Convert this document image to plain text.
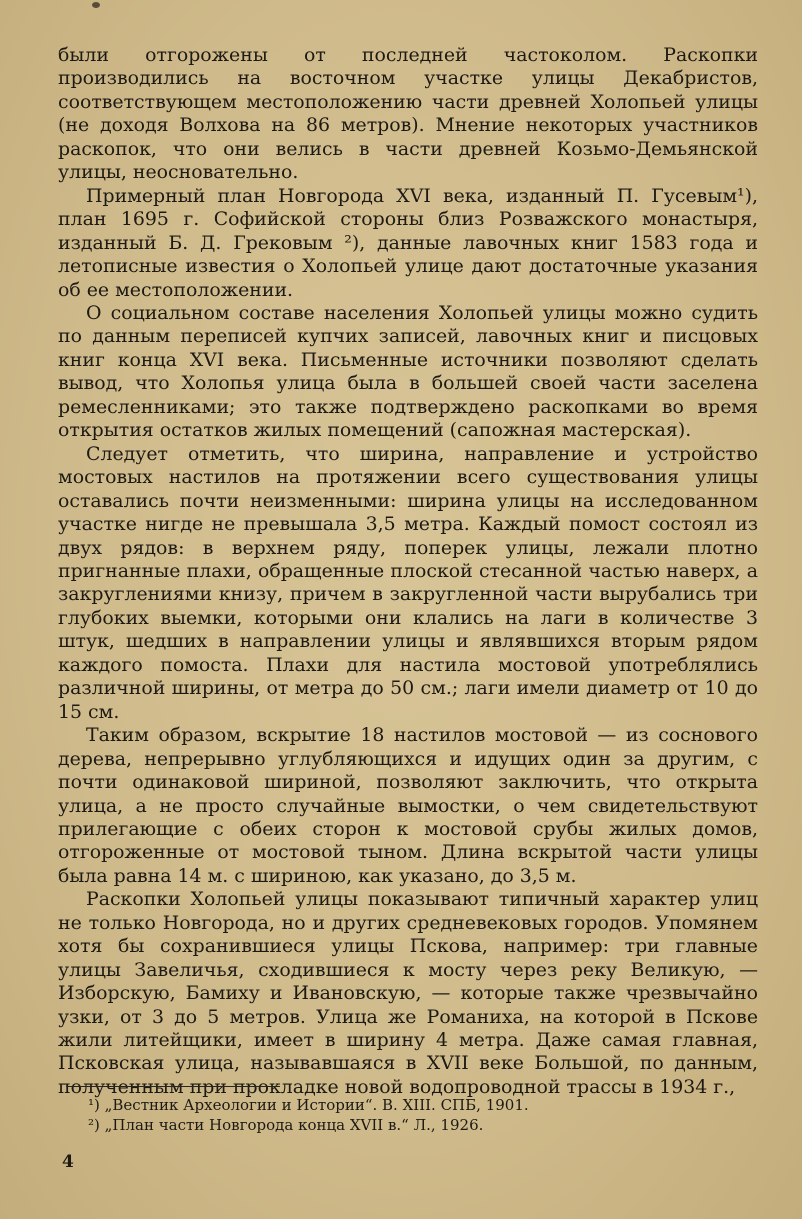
были отгорожены от последней частоколом. Раскопки производились на восточном участке улицы Декабристов, соответствующем местоположению части древней Холопьей улицы (не доходя Волхова на 86 метров). Мнение некоторых участников раскопок, что они велись в части древней Козьмо-Демьянской улицы, неосновательно.

Примерный план Новгорода XVI века, изданный П. Гусевым¹), план 1695 г. Софийской стороны близ Розважского монастыря, изданный Б. Д. Грековым ²), данные лавочных книг 1583 года и летописные известия о Холопьей улице дают достаточные указания об ее местоположении.

О социальном составе населения Холопьей улицы можно судить по данным переписей купчих записей, лавочных книг и писцовых книг конца XVI века. Письменные источники позволяют сделать вывод, что Холопья улица была в большей своей части заселена ремесленниками; это также подтверждено раскопками во время открытия остатков жилых помещений (сапожная мастерская).

Следует отметить, что ширина, направление и устройство мостовых настилов на протяжении всего существования улицы оставались почти неизменными: ширина улицы на исследованном участке нигде не превышала 3,5 метра. Каждый помост состоял из двух рядов: в верхнем ряду, поперек улицы, лежали плотно пригнанные плахи, обращенные плоской стесанной частью наверх, а закруглениями книзу, причем в закругленной части вырубались три глубоких выемки, которыми они клались на лаги в количестве 3 штук, шедших в направлении улицы и являвшихся вторым рядом каждого помоста. Плахи для настила мостовой употреблялись различной ширины, от метра до 50 см.; лаги имели диаметр от 10 до 15 см.

Таким образом, вскрытие 18 настилов мостовой — из соснового дерева, непрерывно углубляющихся и идущих один за другим, с почти одинаковой шириной, позволяют заключить, что открыта улица, а не просто случайные вымостки, о чем свидетельствуют прилегающие с обеих сторон к мостовой срубы жилых домов, отгороженные от мостовой тыном. Длина вскрытой части улицы была равна 14 м. с шириною, как указано, до 3,5 м.

Раскопки Холопьей улицы показывают типичный характер улиц не только Новгорода, но и других средневековых городов. Упомянем хотя бы сохранившиеся улицы Пскова, например: три главные улицы Завеличья, сходившиеся к мосту через реку Великую, — Изборскую, Бамиху и Ивановскую, — которые также чрезвычайно узки, от 3 до 5 метров. Улица же Романиха, на которой в Пскове жили литейщики, имеет в ширину 4 метра. Даже самая главная, Псковская улица, называвшаяся в XVII веке Большой, по данным, полученным при прокладке новой водопроводной трассы в 1934 г.,

¹) „Вестник Археологии и Истории“. В. XIII. СПБ, 1901.
²) „План части Новгорода конца XVII в.“ Л., 1926.
4
